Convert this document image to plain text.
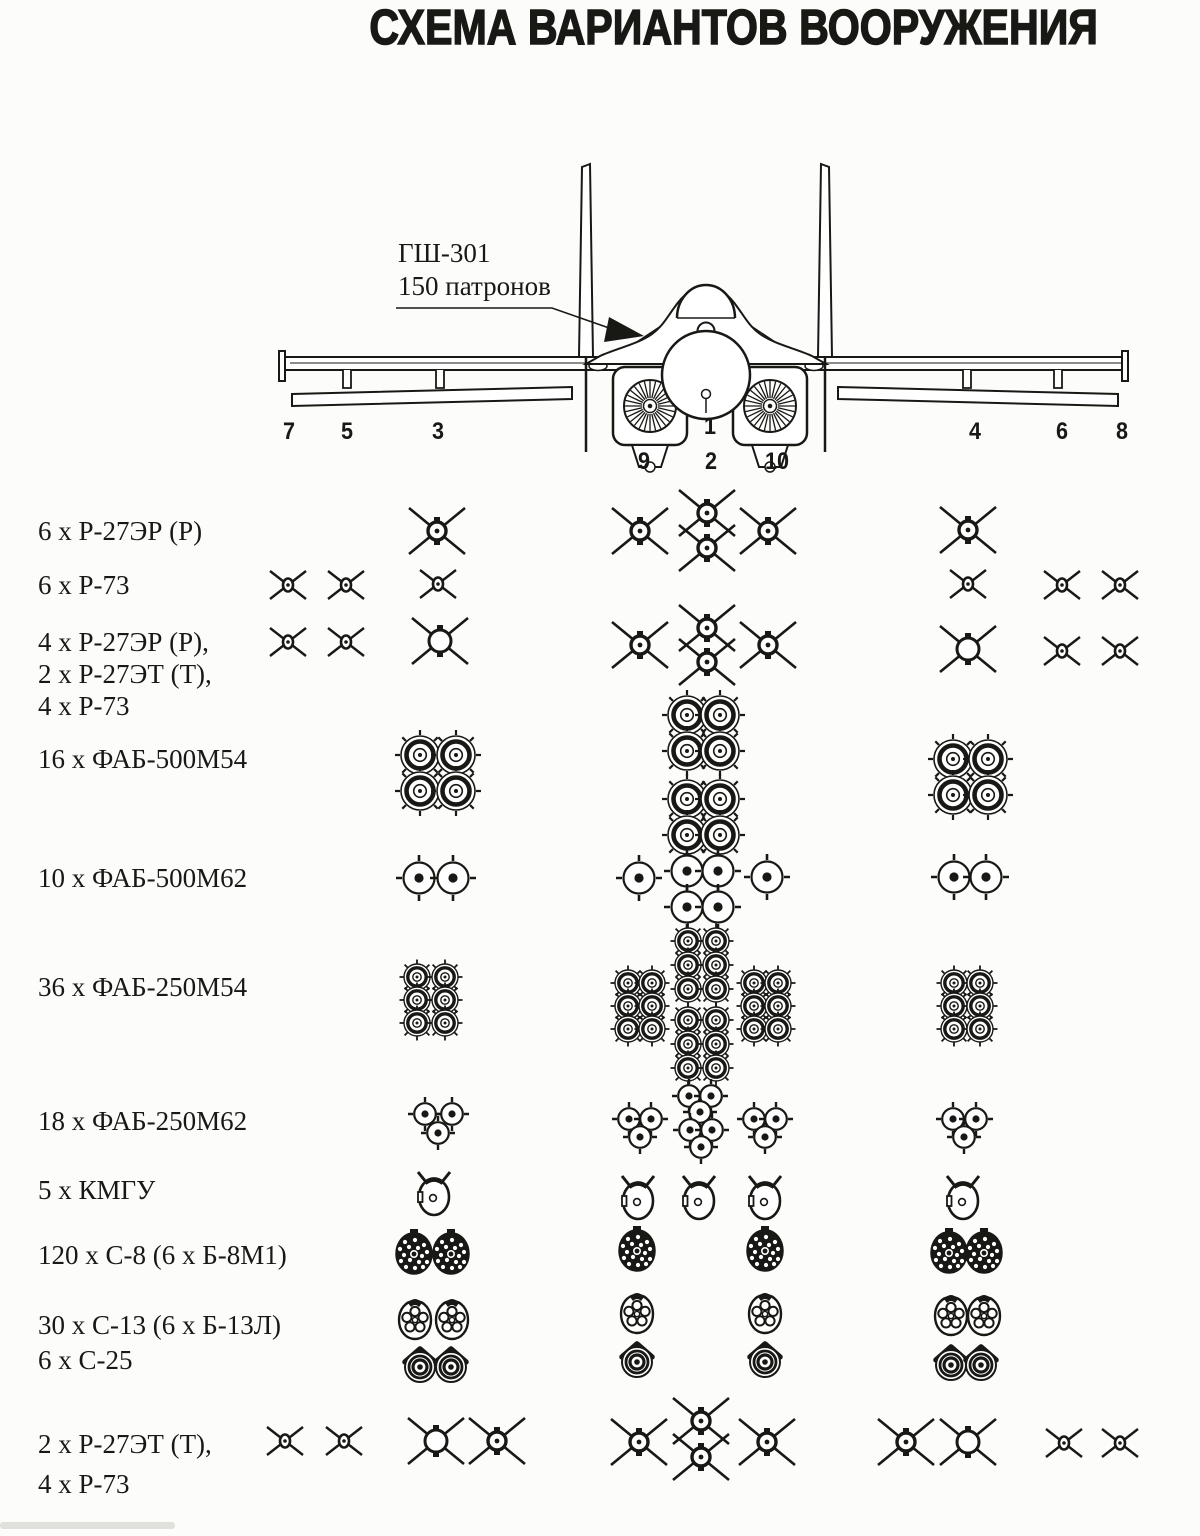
СХЕМА ВАРИАНТОВ ВООРУЖЕНИЯ
ГШ-301
150 патронов
7 5	3	1	4	6 8
9 2 10
6 x Р-27ЭР (Р)
6 x Р-73
4 x Р-27ЭР (Р),
2 x Р-27ЭТ (Т),
4 x Р-73
16 x ФАБ-500М54
10 x ФАБ-500М62
36 x ФАБ-250М54
18 x ФАБ-250М62
5 x КМГУ
120 x С-8 (6 x Б-8М1)
30 x С-13 (6 x Б-13Л)
6 x С-25
2 x Р-27ЭТ (Т),
4 x Р-73
